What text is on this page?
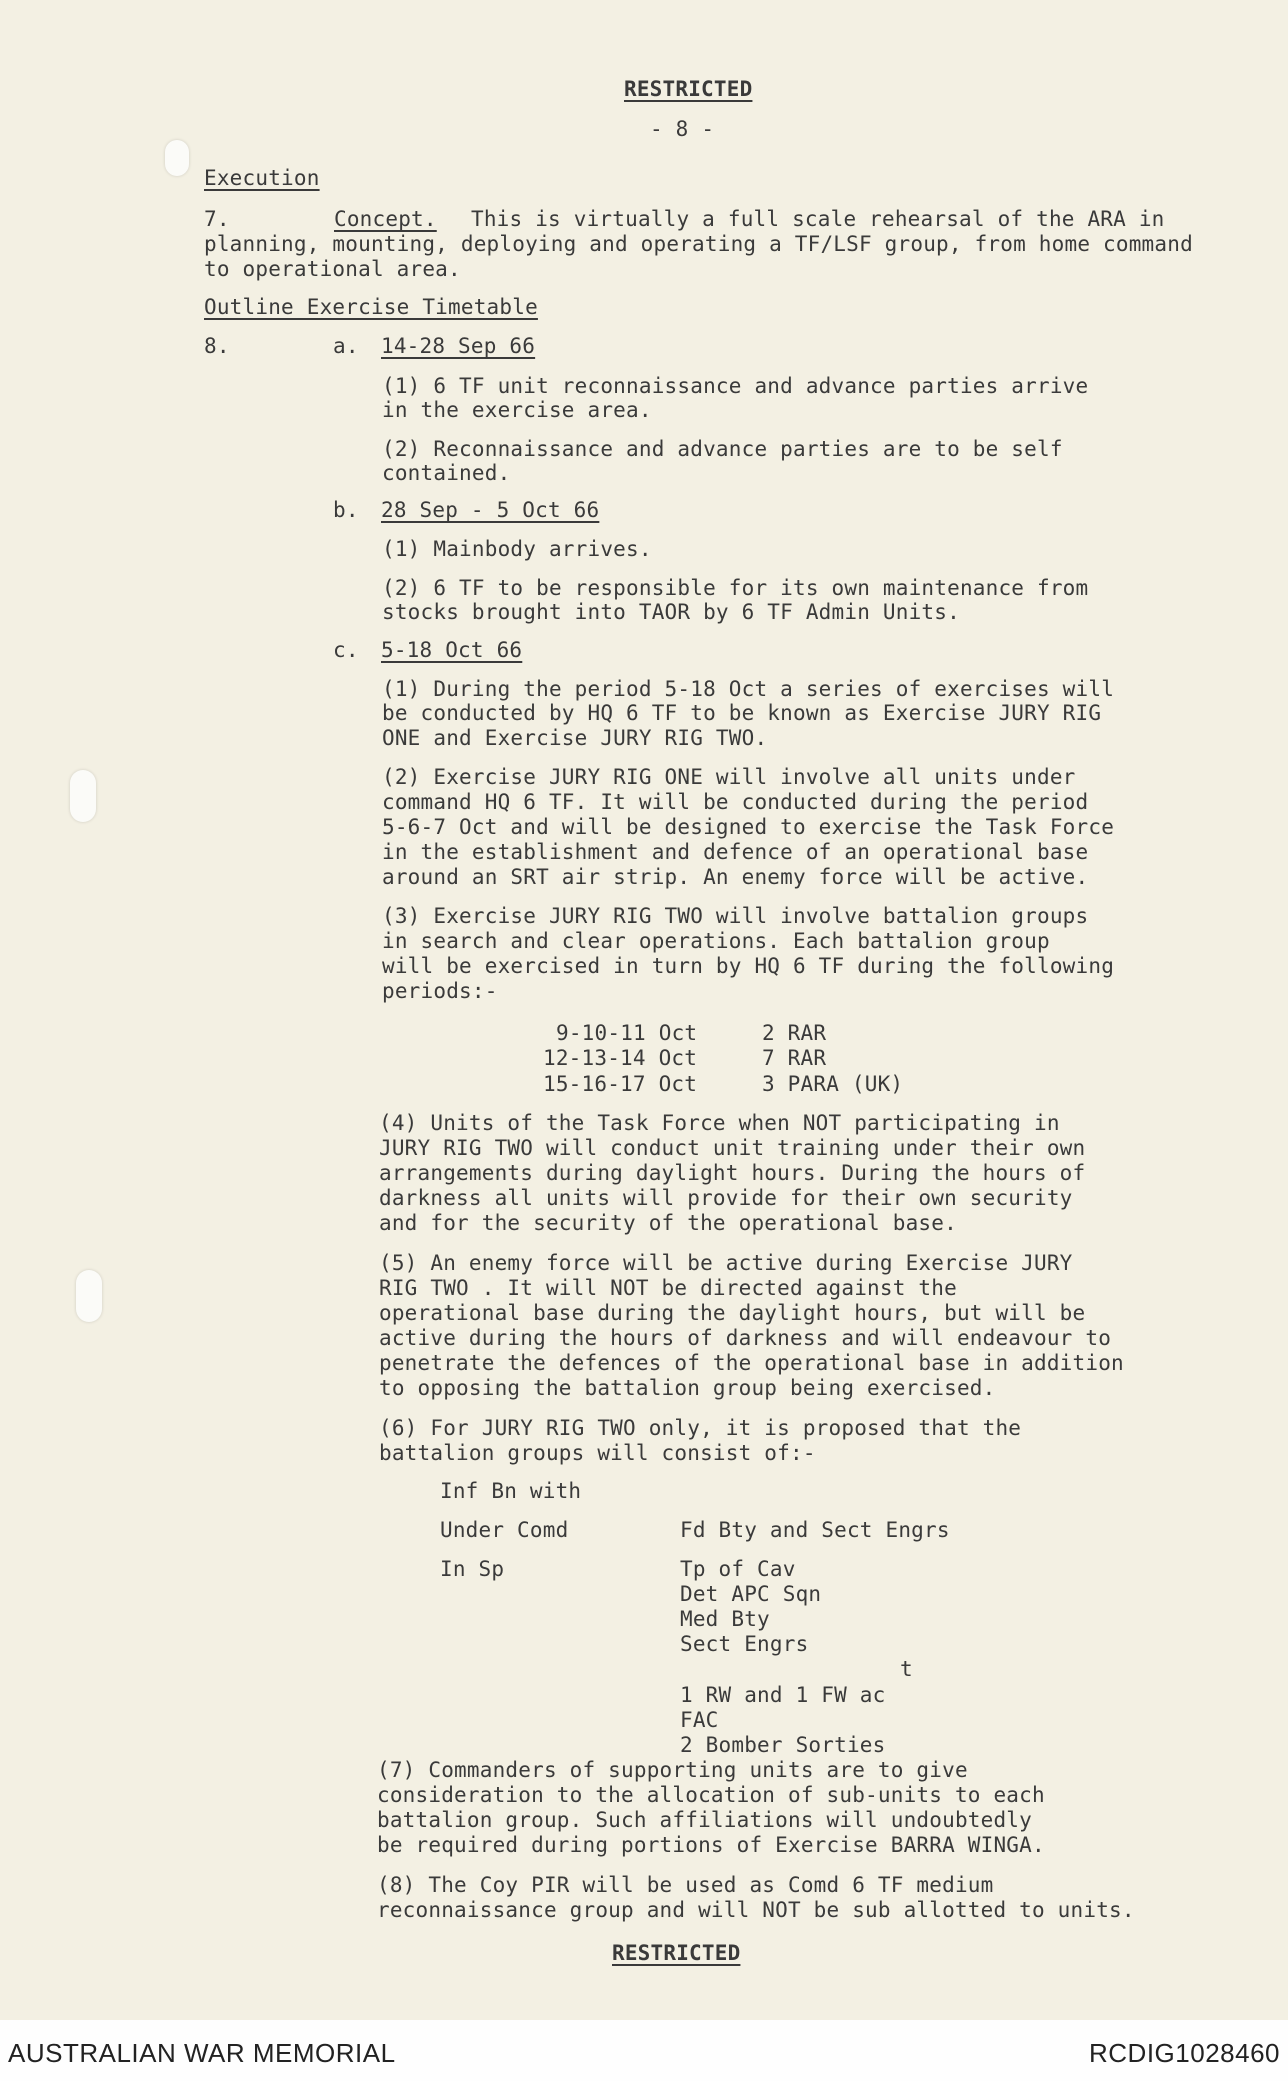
RESTRICTED
- 8 -
Execution
7.	Concept. This is virtually a full scale rehearsal of the ARA in
planning, mounting, deploying and operating a TF/LSF group, from home command
to operational area.
Outline Exercise Timetable
8.	a. 14-28 Sep 66
(1) 6 TF unit reconnaissance and advance parties arrive
in the exercise area.
(2) Reconnaissance and advance parties are to be self
contained.
b. 28 Sep - 5 Oct 66
(1) Mainbody arrives.
(2) 6 TF to be responsible for its own maintenance from
stocks brought into TAOR by 6 TF Admin Units.
c. 5-18 Oct 66
(1) During the period 5-18 Oct a series of exercises will
be conducted by HQ 6 TF to be known as Exercise JURY RIG
ONE and Exercise JURY RIG TWO.
(2) Exercise JURY RIG ONE will involve all units under
command HQ 6 TF. It will be conducted during the period
5-6-7 Oct and will be designed to exercise the Task Force
in the establishment and defence of an operational base
around an SRT air strip. An enemy force will be active.
(3) Exercise JURY RIG TWO will involve battalion groups
in search and clear operations. Each battalion group
will be exercised in turn by HQ 6 TF during the following
periods:-
9-10-11 Oct	2 RAR
12-13-14 Oct	7 RAR
15-16-17 Oct	3 PARA (UK)
(4) Units of the Task Force when NOT participating in
JURY RIG TWO will conduct unit training under their own
arrangements during daylight hours. During the hours of
darkness all units will provide for their own security
and for the security of the operational base.
(5) An enemy force will be active during Exercise JURY
RIG TWO . It will NOT be directed against the
operational base during the daylight hours, but will be
active during the hours of darkness and will endeavour to
penetrate the defences of the operational base in addition
to opposing the battalion group being exercised.
(6) For JURY RIG TWO only, it is proposed that the
battalion groups will consist of:-
Inf Bn with
Under Comd	Fd Bty and Sect Engrs
In Sp	Tp of Cav
Det APC Sqn
Med Bty
Sect Engrs
t
1 RW and 1 FW ac
FAC
2 Bomber Sorties
(7) Commanders of supporting units are to give
consideration to the allocation of sub-units to each
battalion group. Such affiliations will undoubtedly
be required during portions of Exercise BARRA WINGA.
(8) The Coy PIR will be used as Comd 6 TF medium
reconnaissance group and will NOT be sub allotted to units.
RESTRICTED
AUSTRALIAN WAR MEMORIAL	RCDIG1028460
